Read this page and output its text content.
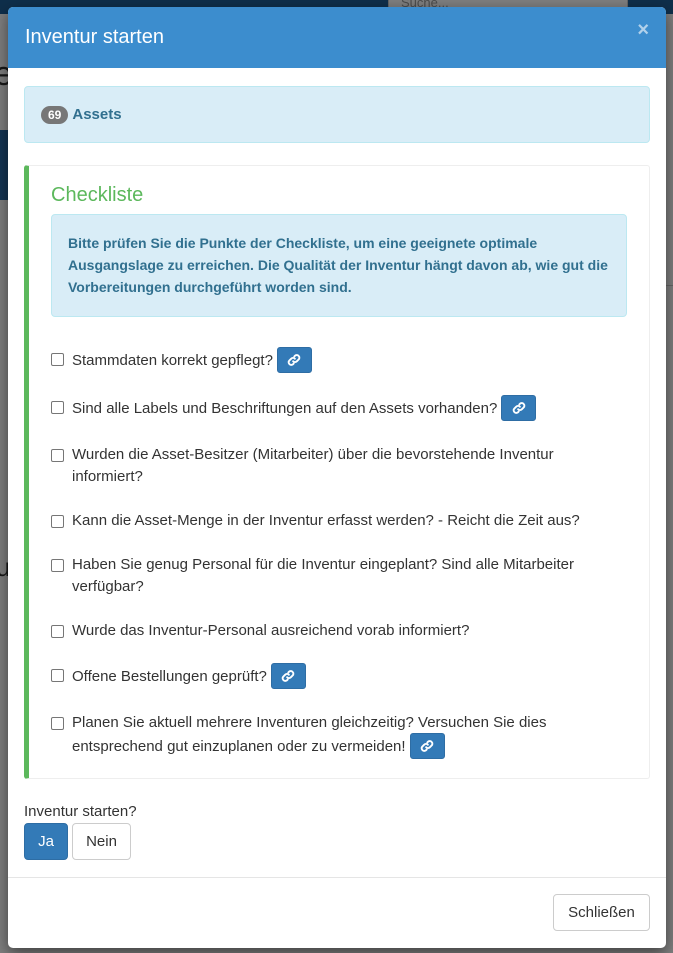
Inventur starten	×
69 Assets
Checkliste
Bitte prüfen Sie die Punkte der Checkliste, um eine geeignete optimale Ausgangslage zu erreichen. Die Qualität der Inventur hängt davon ab, wie gut die Vorbereitungen durchgeführt worden sind.
Stammdaten korrekt gepflegt?
Sind alle Labels und Beschriftungen auf den Assets vorhanden?
Wurden die Asset-Besitzer (Mitarbeiter) über die bevorstehende Inventur informiert?
Kann die Asset-Menge in der Inventur erfasst werden? - Reicht die Zeit aus?
Haben Sie genug Personal für die Inventur eingeplant? Sind alle Mitarbeiter verfügbar?
Wurde das Inventur-Personal ausreichend vorab informiert?
Offene Bestellungen geprüft?
Planen Sie aktuell mehrere Inventuren gleichzeitig? Versuchen Sie dies entsprechend gut einzuplanen oder zu vermeiden!
Inventur starten?
Ja	Nein
Schließen
